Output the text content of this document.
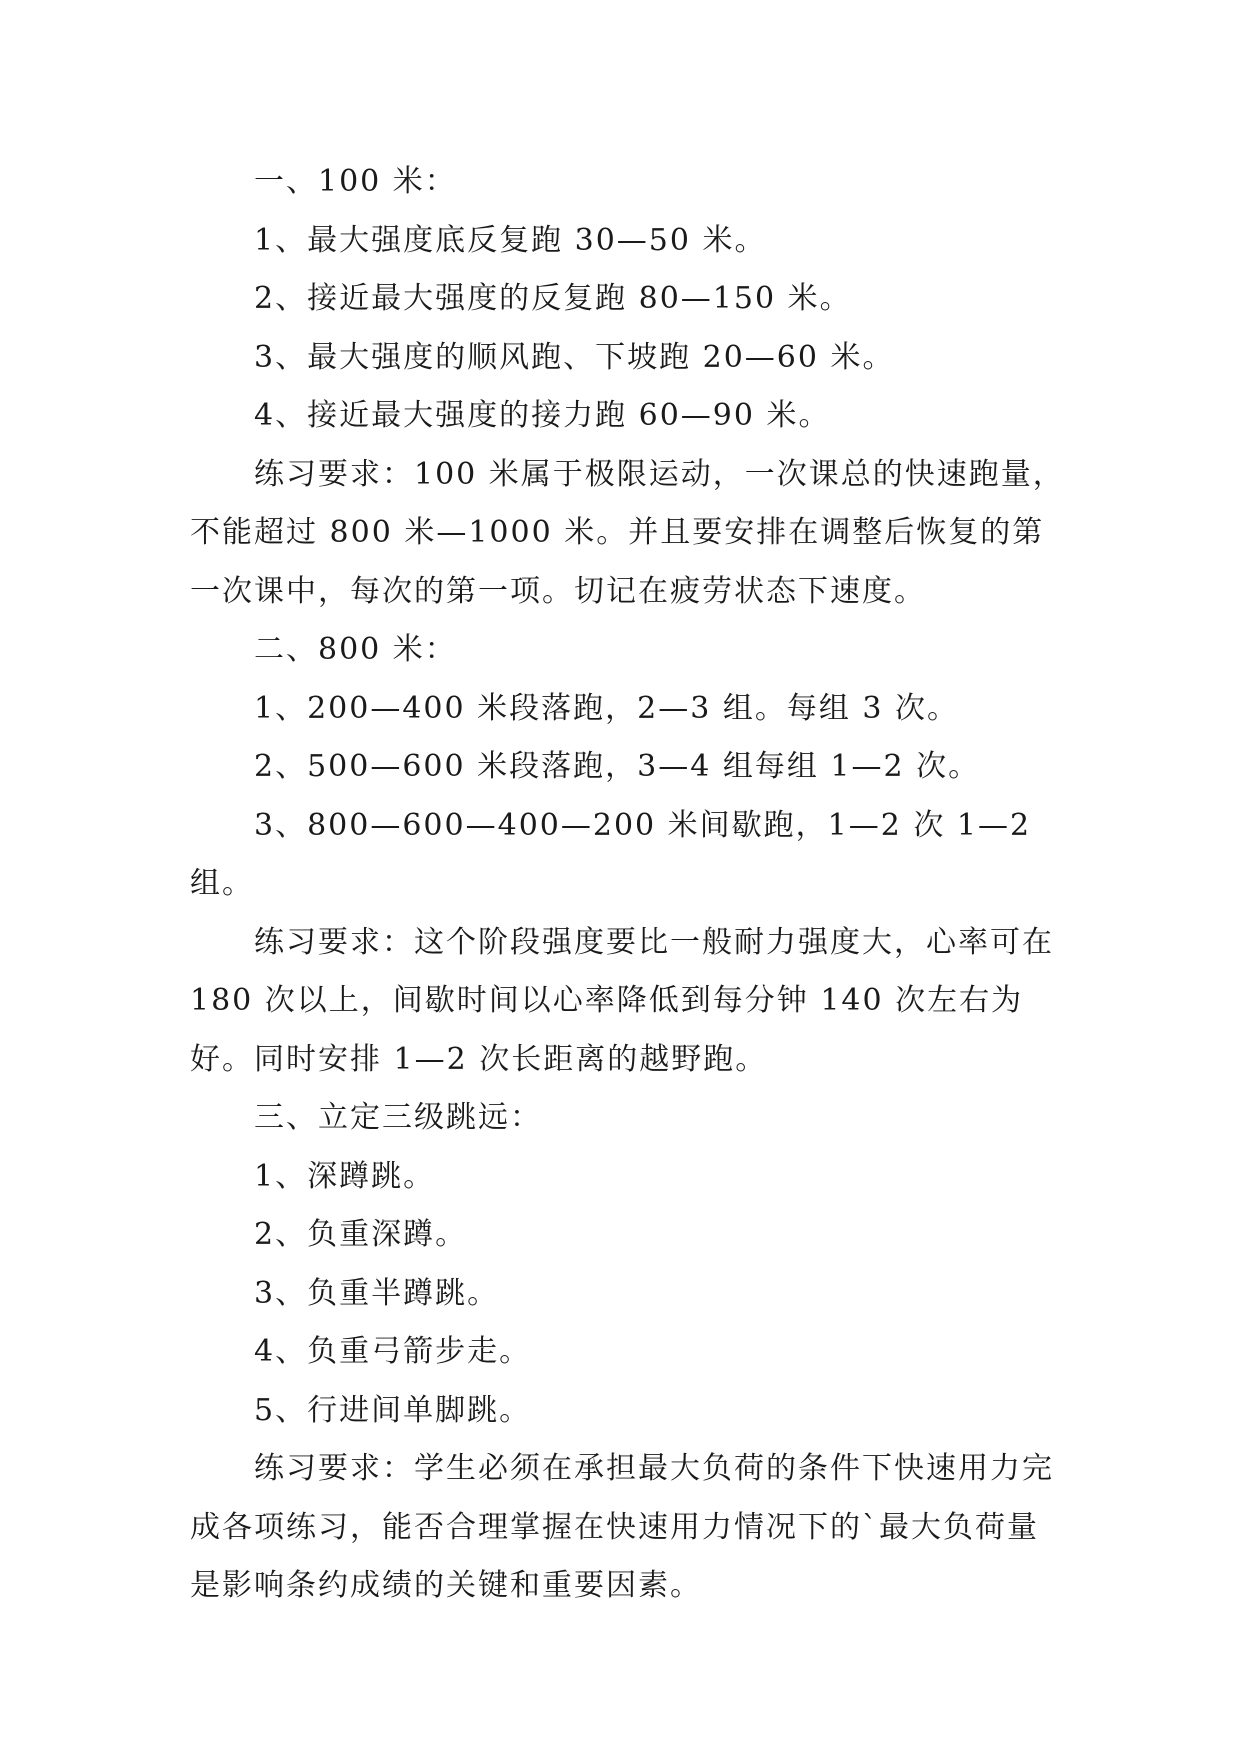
一、100 米：

1、最大强度底反复跑 30—50 米。

2、接近最大强度的反复跑 80—150 米。

3、最大强度的顺风跑、下坡跑 20—60 米。

4、接近最大强度的接力跑 60—90 米。

练习要求：100 米属于极限运动，一次课总的快速跑量，不能超过 800 米—1000 米。并且要安排在调整后恢复的第一次课中，每次的第一项。切记在疲劳状态下速度。

二、800 米：

1、200—400 米段落跑，2—3 组。每组 3 次。

2、500—600 米段落跑，3—4 组每组 1—2 次。

3、800—600—400—200 米间歇跑，1—2 次 1—2 组。

练习要求：这个阶段强度要比一般耐力强度大，心率可在 180 次以上，间歇时间以心率降低到每分钟 140 次左右为好。同时安排 1—2 次长距离的越野跑。

三、立定三级跳远：

1、深蹲跳。

2、负重深蹲。

3、负重半蹲跳。

4、负重弓箭步走。

5、行进间单脚跳。

练习要求：学生必须在承担最大负荷的条件下快速用力完成各项练习，能否合理掌握在快速用力情况下的`最大负荷量是影响条约成绩的关键和重要因素。
